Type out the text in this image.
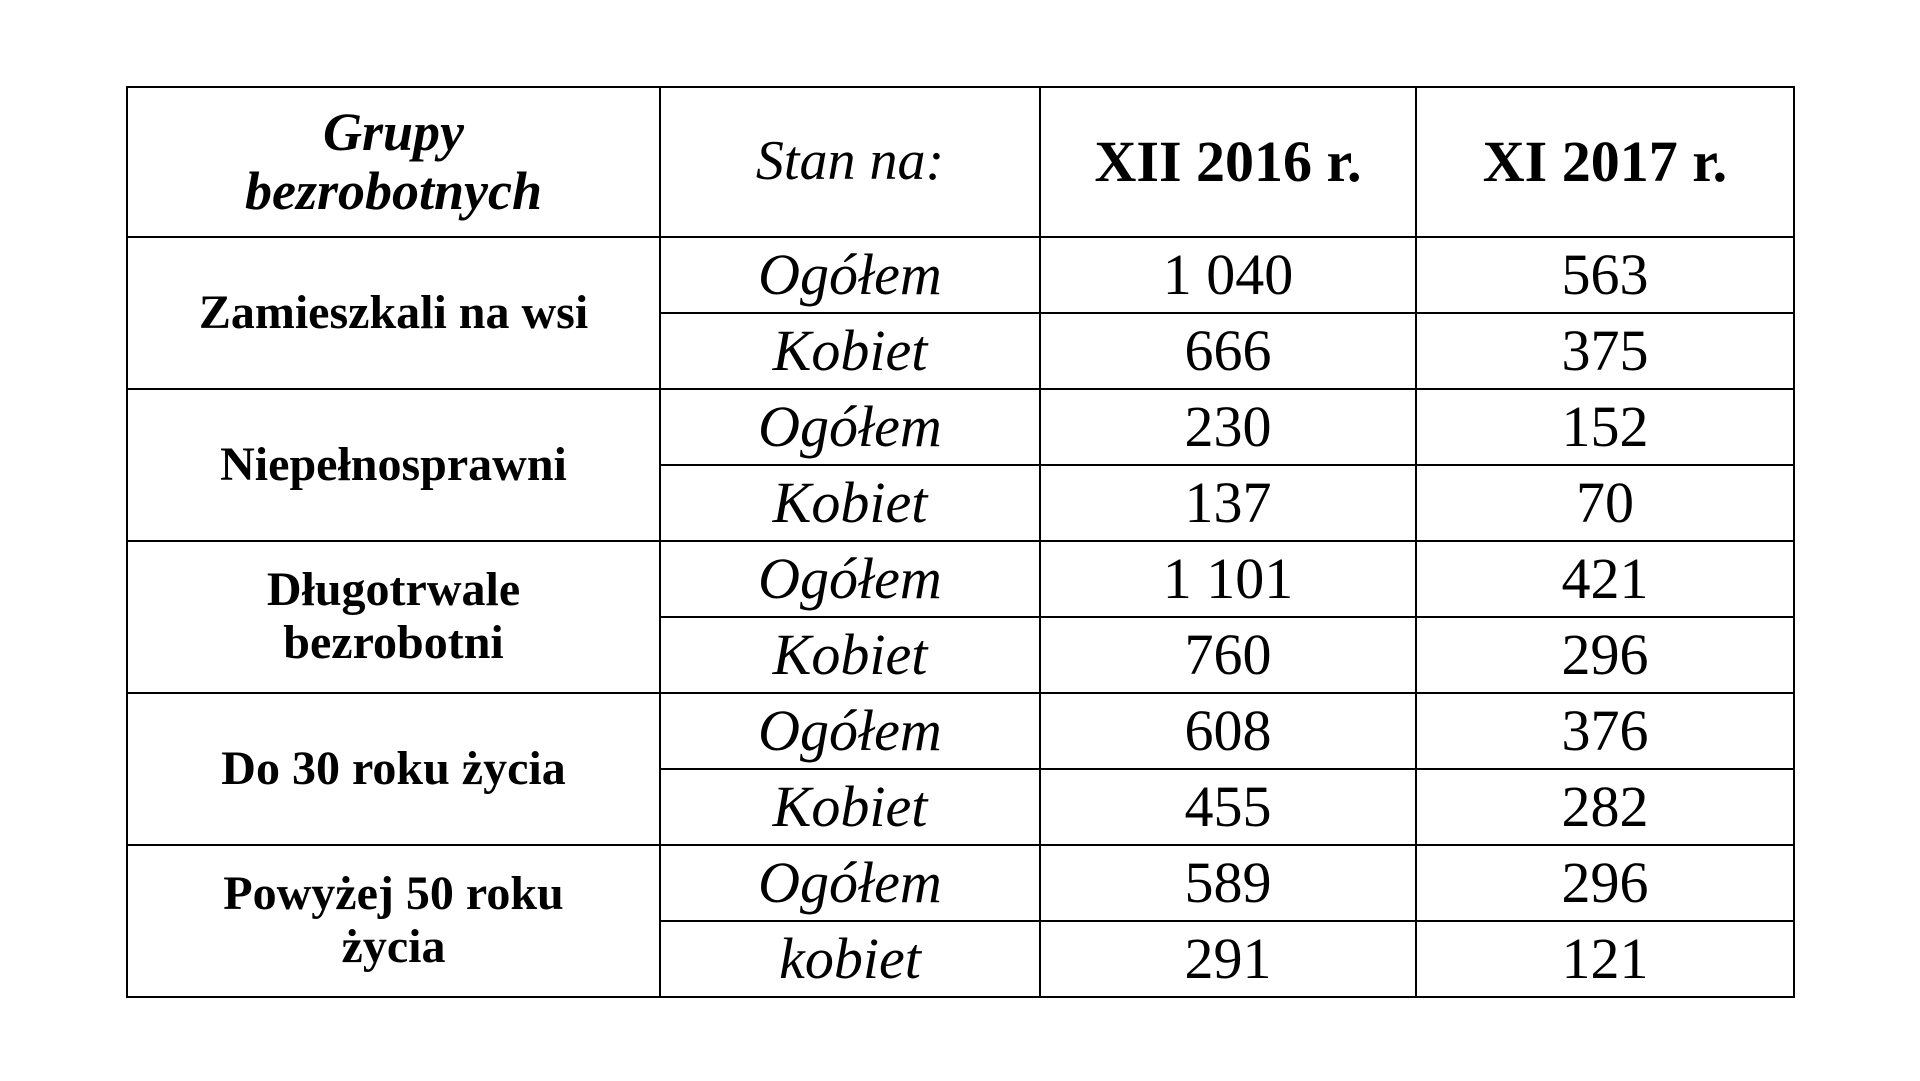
Grupy
bezrobotnych	Stan na:	XII 2016 r.	XI 2017 r.

Zamieszkali na wsi	Ogółem	1 040	563
	Kobiet	666	375

Niepełnosprawni	Ogółem	230	152
	Kobiet	137	70

Długotrwale
bezrobotni	Ogółem	1 101	421
	Kobiet	760	296

Do 30 roku życia	Ogółem	608	376
	Kobiet	455	282

Powyżej 50 roku
życia	Ogółem	589	296
	kobiet	291	121
